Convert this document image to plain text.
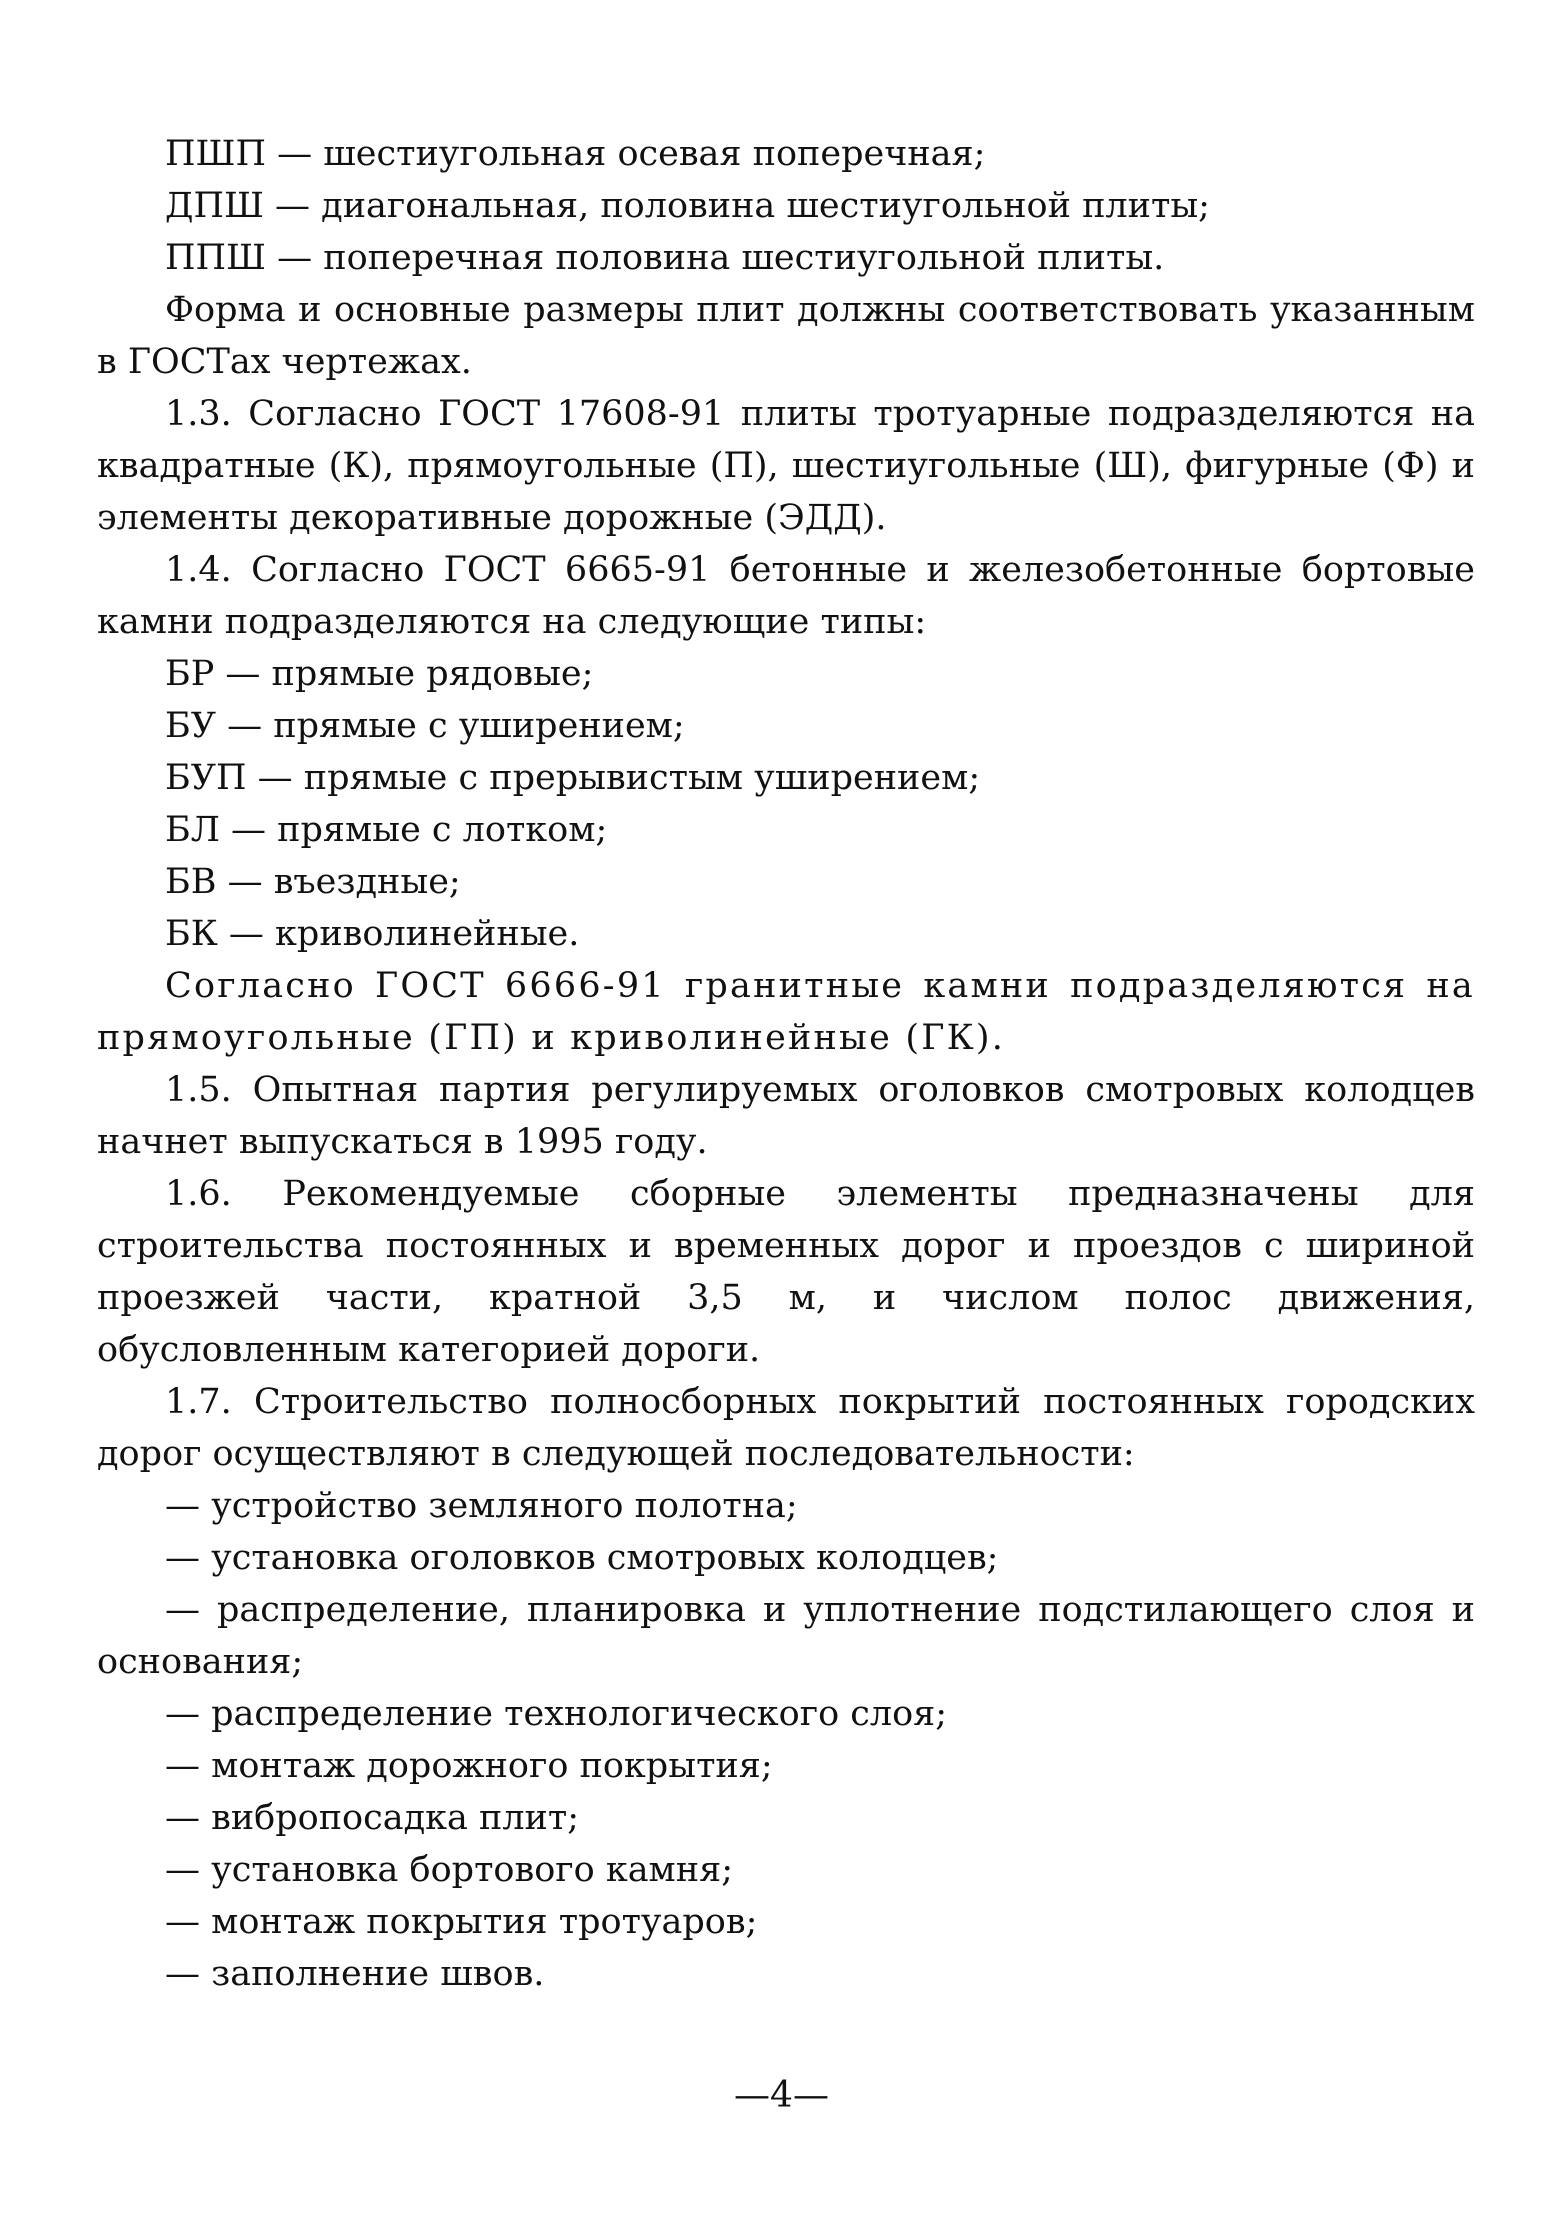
ПШП — шестиугольная осевая поперечная;

ДПШ — диагональная, половина шестиугольной плиты;

ППШ — поперечная половина шестиугольной плиты.

Форма и основные размеры плит должны соответствовать указанным в ГОСТах чертежах.

1.3. Согласно ГОСТ 17608-91 плиты тротуарные подразделяются на квадратные (К), прямоугольные (П), шестиугольные (Ш), фигурные (Ф) и элементы декоративные дорожные (ЭДД).

1.4. Согласно ГОСТ 6665-91 бетонные и железобетонные бортовые камни подразделяются на следующие типы:

БР — прямые рядовые;

БУ — прямые с уширением;

БУП — прямые с прерывистым уширением;

БЛ — прямые с лотком;

БВ — въездные;

БК — криволинейные.

Согласно ГОСТ 6666-91 гранитные камни подразделяются на прямоугольные (ГП) и криволинейные (ГК).

1.5. Опытная партия регулируемых оголовков смотровых колодцев начнет выпускаться в 1995 году.

1.6. Рекомендуемые сборные элементы предназначены для строительства постоянных и временных дорог и проездов с шириной проезжей части, кратной 3,5 м, и числом полос движения, обусловленным категорией дороги.

1.7. Строительство полносборных покрытий постоянных городских дорог осуществляют в следующей последовательности:

— устройство земляного полотна;

— установка оголовков смотровых колодцев;

— распределение, планировка и уплотнение подстилающего слоя и основания;

— распределение технологического слоя;

— монтаж дорожного покрытия;

— вибропосадка плит;

— установка бортового камня;

— монтаж покрытия тротуаров;

— заполнение швов.

—4—
